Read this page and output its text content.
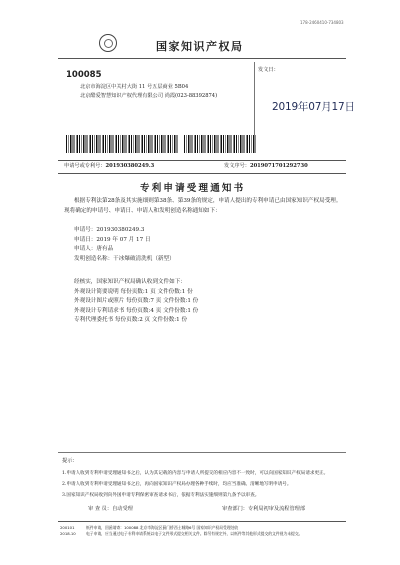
178-2460410-734803
国家知识产权局
100085
北京市海淀区中关村大街 11 号五层商业 5B04
北京酷爱智慧知识产权代理有限公司 尚霞(023-88392874)
发文日：
2019年07月17日
申请号或专利号：201930380249.3	发文序号：2019071701292730
专利申请受理通知书
根据专利法第28条及其实施细则第38条、第39条的规定，申请人提出的专利申请已由国家知识产权局受理。现将确定的申请号、申请日、申请人和发明创造名称通知如下：
申请号：201930380249.3
申请日：2019 年 07 月 17 日
申请人：唐有品
发明创造名称：干冰爆破清洗机（新型）
经核实，国家知识产权局确认收到文件如下：
外观设计简要说明 每份页数:1 页 文件份数:1 份
外观设计图片或照片 每份页数:7 页 文件份数:1 份
外观设计专利请求书 每份页数:4 页 文件份数:1 份
专利代理委托书 每份页数:2 页 文件份数:1 份
提示：
1.申请人收到专利申请受理通知书之后，认为其记载的内容与申请人所提交的相应内容不一致时，可以向国家知识产权局请求更正。
2.申请人收到专利申请受理通知书之后，再向国家知识产权局办理各种手续时，均应当准确、清晰地写明申请号。
3.国家知识产权局收到向外国申请专利保密审查请求书后，依据专利法实施细则第九条予以审查。
审 查 员：自动受理	审查部门：专利局初审及流程管理部
200101
2018.10
纸件申请，回函请寄：100088 北京市海淀区蓟门桥西土城路6号 国家知识产权局受理处收
电子申请，应当通过电子专利申请系统以电子文件形式提交相关文件。除另有规定外，以纸件等其他形式提交的文件视为未提交。
